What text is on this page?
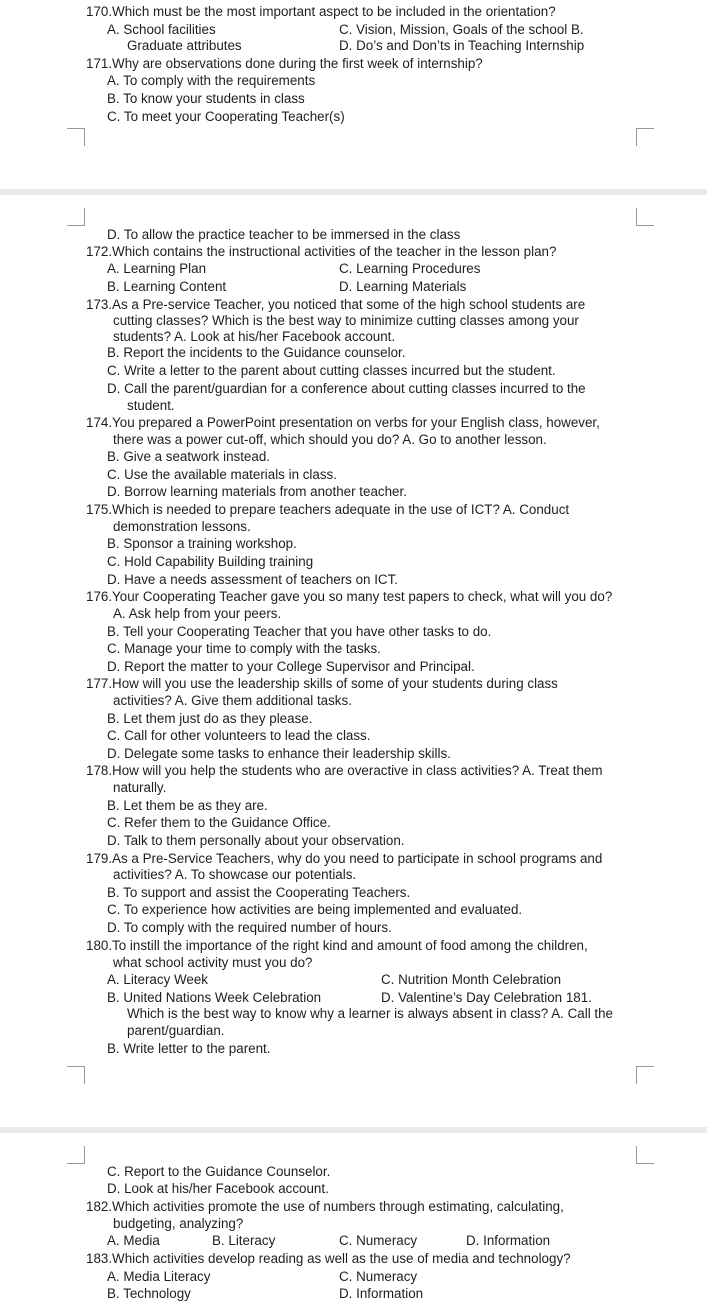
170.Which must be the most important aspect to be included in the orientation?
A. School facilities	C. Vision, Mission, Goals of the school B.
Graduate attributes	D. Do’s and Don’ts in Teaching Internship
171.Why are observations done during the first week of internship?
A. To comply with the requirements
B. To know your students in class
C. To meet your Cooperating Teacher(s)
D. To allow the practice teacher to be immersed in the class
172.Which contains the instructional activities of the teacher in the lesson plan?
A. Learning Plan	C. Learning Procedures
B. Learning Content	D. Learning Materials
173.As a Pre-service Teacher, you noticed that some of the high school students are
cutting classes? Which is the best way to minimize cutting classes among your
students? A. Look at his/her Facebook account.
B. Report the incidents to the Guidance counselor.
C. Write a letter to the parent about cutting classes incurred but the student.
D. Call the parent/guardian for a conference about cutting classes incurred to the
student.
174.You prepared a PowerPoint presentation on verbs for your English class, however,
there was a power cut-off, which should you do? A. Go to another lesson.
B. Give a seatwork instead.
C. Use the available materials in class.
D. Borrow learning materials from another teacher.
175.Which is needed to prepare teachers adequate in the use of ICT? A. Conduct
demonstration lessons.
B. Sponsor a training workshop.
C. Hold Capability Building training
D. Have a needs assessment of teachers on ICT.
176.Your Cooperating Teacher gave you so many test papers to check, what will you do?
A. Ask help from your peers.
B. Tell your Cooperating Teacher that you have other tasks to do.
C. Manage your time to comply with the tasks.
D. Report the matter to your College Supervisor and Principal.
177.How will you use the leadership skills of some of your students during class
activities? A. Give them additional tasks.
B. Let them just do as they please.
C. Call for other volunteers to lead the class.
D. Delegate some tasks to enhance their leadership skills.
178.How will you help the students who are overactive in class activities? A. Treat them
naturally.
B. Let them be as they are.
C. Refer them to the Guidance Office.
D. Talk to them personally about your observation.
179.As a Pre-Service Teachers, why do you need to participate in school programs and
activities? A. To showcase our potentials.
B. To support and assist the Cooperating Teachers.
C. To experience how activities are being implemented and evaluated.
D. To comply with the required number of hours.
180.To instill the importance of the right kind and amount of food among the children,
what school activity must you do?
A. Literacy Week	C. Nutrition Month Celebration
B. United Nations Week Celebration	D. Valentine’s Day Celebration 181.
Which is the best way to know why a learner is always absent in class? A. Call the
parent/guardian.
B. Write letter to the parent.
C. Report to the Guidance Counselor.
D. Look at his/her Facebook account.
182.Which activities promote the use of numbers through estimating, calculating,
budgeting, analyzing?
A. Media	B. Literacy	C. Numeracy	D. Information
183.Which activities develop reading as well as the use of media and technology?
A. Media Literacy	C. Numeracy
B. Technology	D. Information
